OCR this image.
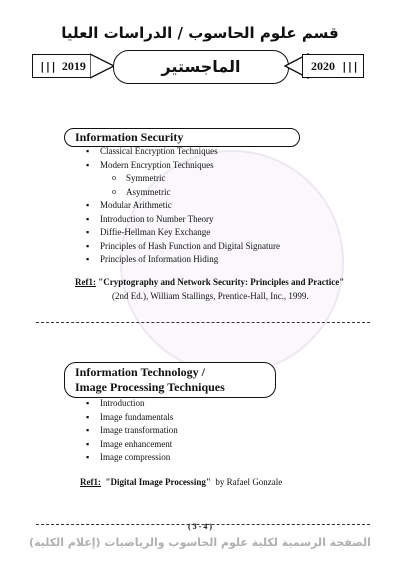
قسم علوم الحاسوب / الدراسات العليا
||| 2019	الماجستير	2020 |||
Information Security
▪ Classical Encryption Techniques
▪ Modern Encryption Techniques
o Symmetric
o Asymmetric
▪ Modular Arithmetic
▪ Introduction to Number Theory
▪ Diffie-Hellman Key Exchange
▪ Principles of Hash Function and Digital Signature
▪ Principles of Information Hiding
Ref1: "Cryptography and Network Security: Principles and Practice"
(2nd Ed.), William Stallings, Prentice-Hall, Inc., 1999.
Information Technology /
Image Processing Techniques
▪ Introduction
▪ Image fundamentals
▪ Image transformation
▪ Image enhancement
▪ Image compression
Ref1: "Digital Image Processing" by Rafael Gonzale
( 3 - 4 )
الصفحة الرسمية لكلية علوم الحاسوب والرياضيات (إعلام الكلية)
